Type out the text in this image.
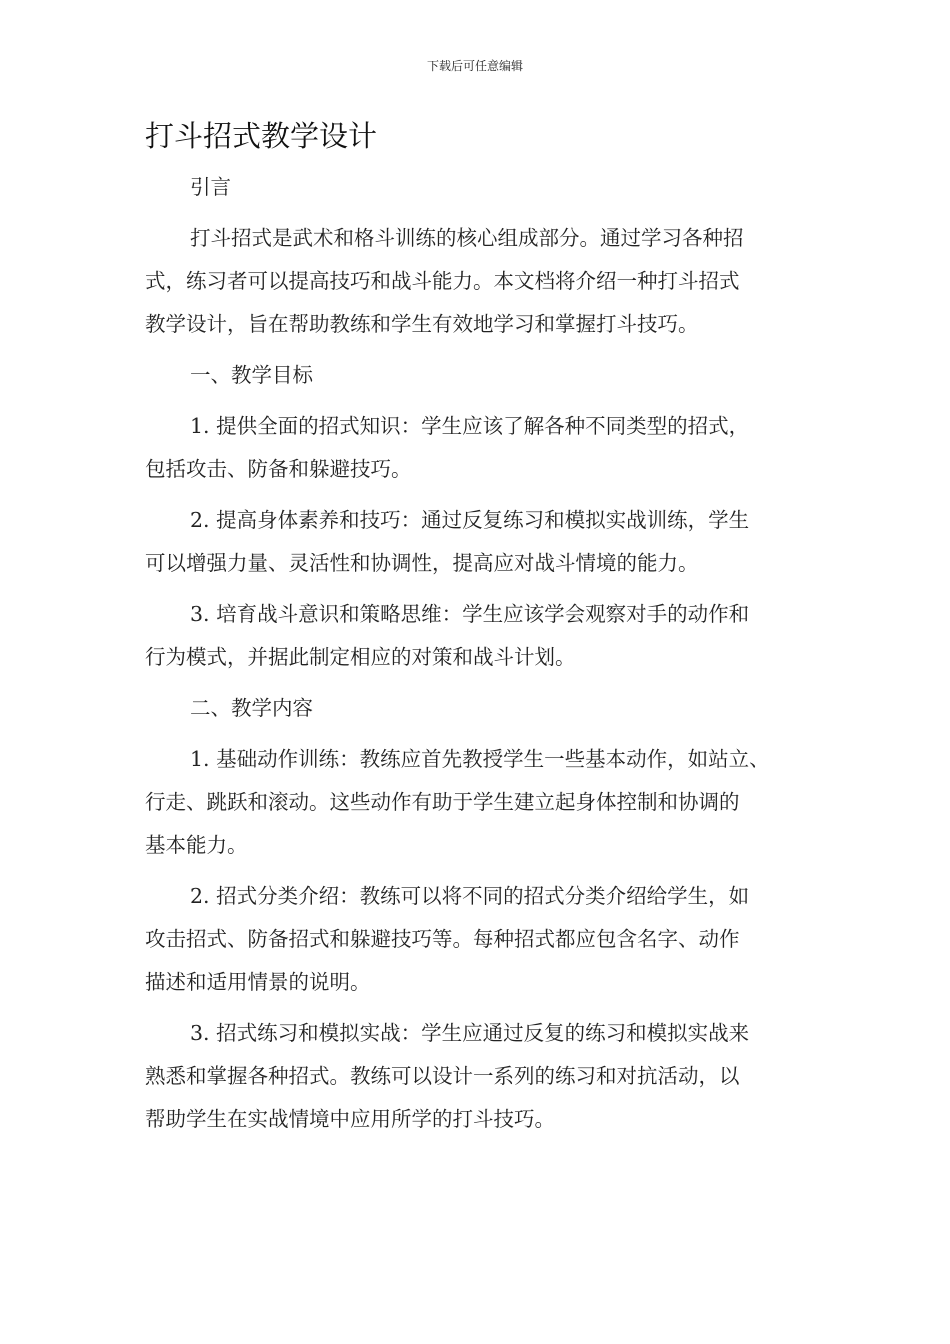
下载后可任意编辑
打斗招式教学设计

引言

打斗招式是武术和格斗训练的核心组成部分。通过学习各种招
式，练习者可以提高技巧和战斗能力。本文档将介绍一种打斗招式
教学设计，旨在帮助教练和学生有效地学习和掌握打斗技巧。

一、教学目标

1. 提供全面的招式知识：学生应该了解各种不同类型的招式，
包括攻击、防备和躲避技巧。

2. 提高身体素养和技巧：通过反复练习和模拟实战训练，学生
可以增强力量、灵活性和协调性，提高应对战斗情境的能力。

3. 培育战斗意识和策略思维：学生应该学会观察对手的动作和
行为模式，并据此制定相应的对策和战斗计划。

二、教学内容

1. 基础动作训练：教练应首先教授学生一些基本动作，如站立、
行走、跳跃和滚动。这些动作有助于学生建立起身体控制和协调的
基本能力。

2. 招式分类介绍：教练可以将不同的招式分类介绍给学生，如
攻击招式、防备招式和躲避技巧等。每种招式都应包含名字、动作
描述和适用情景的说明。

3. 招式练习和模拟实战：学生应通过反复的练习和模拟实战来
熟悉和掌握各种招式。教练可以设计一系列的练习和对抗活动，以
帮助学生在实战情境中应用所学的打斗技巧。
